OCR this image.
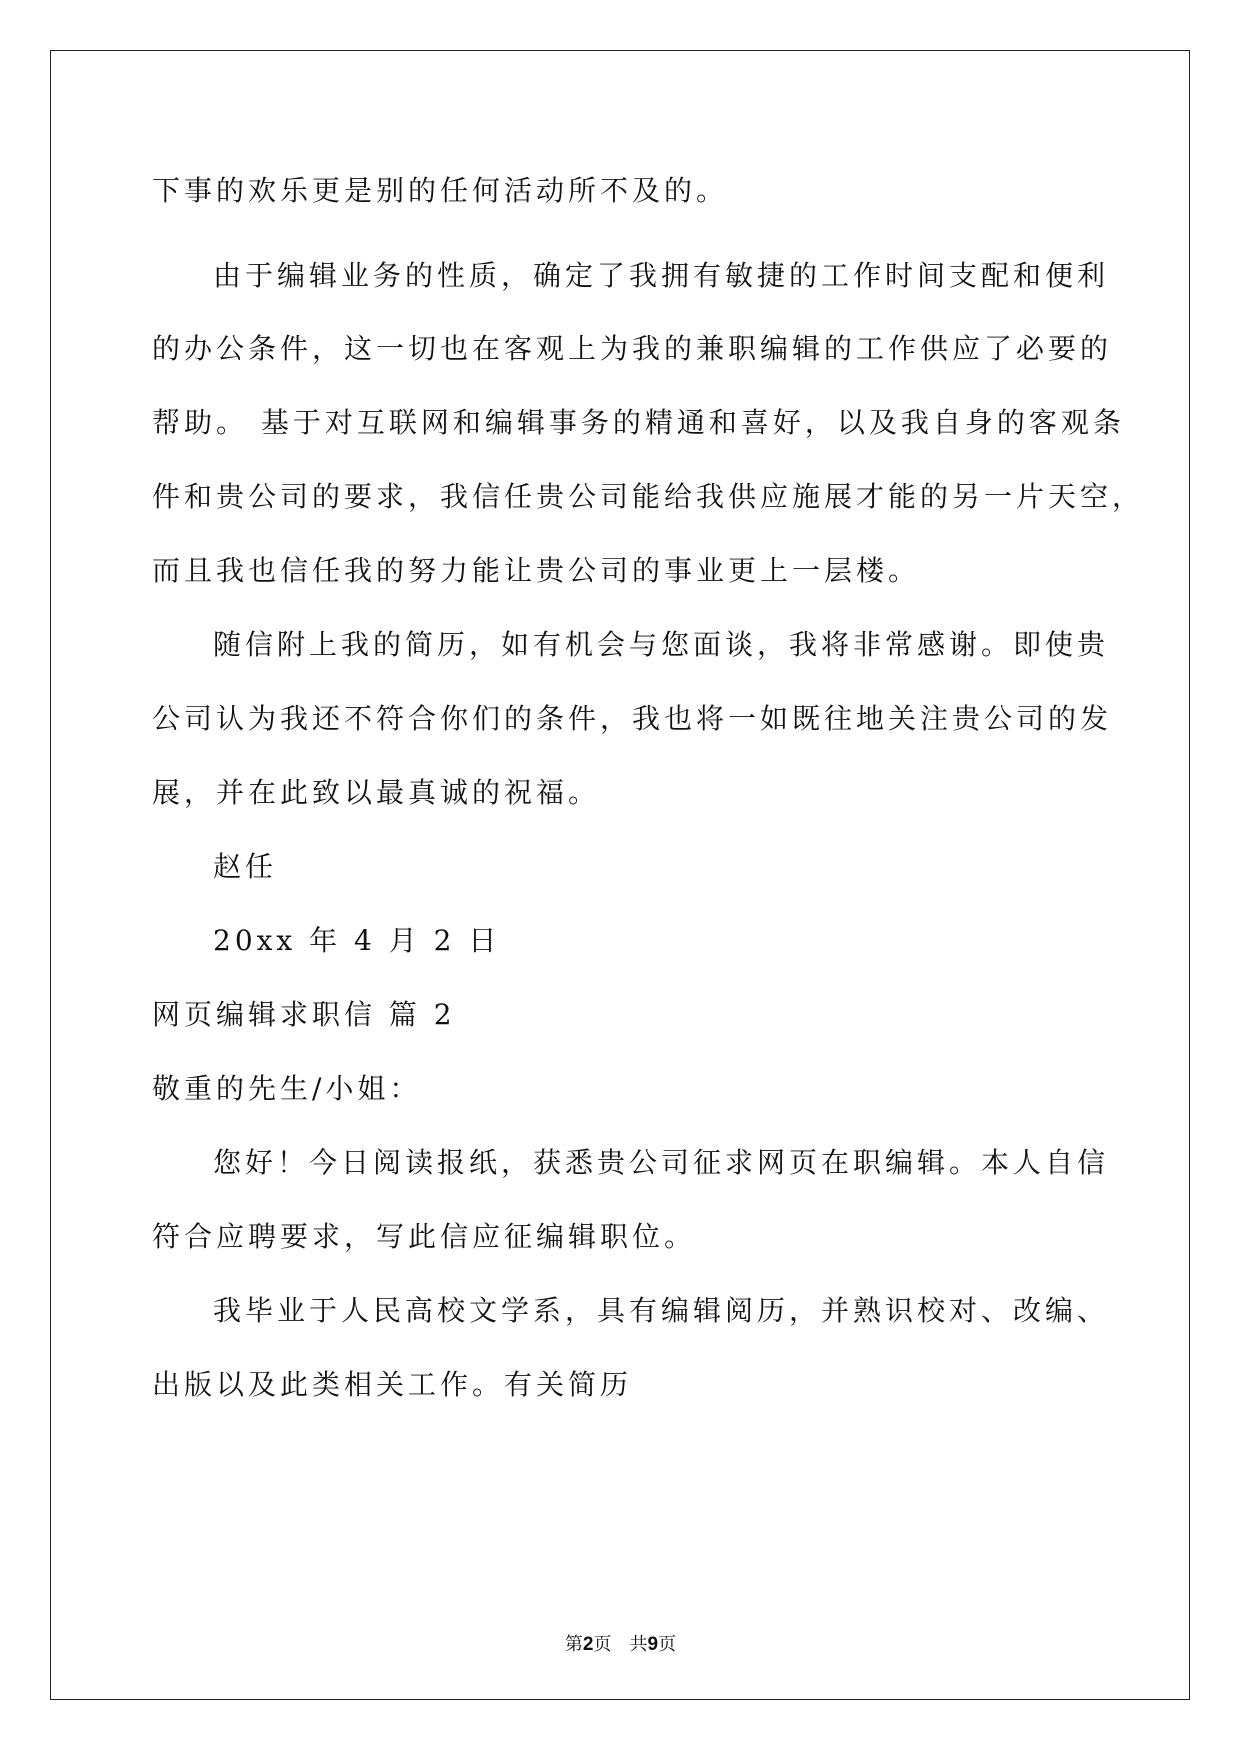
下事的欢乐更是别的任何活动所不及的。
由于编辑业务的性质，确定了我拥有敏捷的工作时间支配和便利
的办公条件，这一切也在客观上为我的兼职编辑的工作供应了必要的
帮助。 基于对互联网和编辑事务的精通和喜好，以及我自身的客观条
件和贵公司的要求，我信任贵公司能给我供应施展才能的另一片天空，
而且我也信任我的努力能让贵公司的事业更上一层楼。
随信附上我的简历，如有机会与您面谈，我将非常感谢。即使贵
公司认为我还不符合你们的条件，我也将一如既往地关注贵公司的发
展，并在此致以最真诚的祝福。
赵任
20xx 年 4 月 2 日
网页编辑求职信 篇 2
敬重的先生/小姐：
您好！今日阅读报纸，获悉贵公司征求网页在职编辑。本人自信
符合应聘要求，写此信应征编辑职位。
我毕业于人民高校文学系，具有编辑阅历，并熟识校对、改编、
出版以及此类相关工作。有关简历
第2页 共9页
